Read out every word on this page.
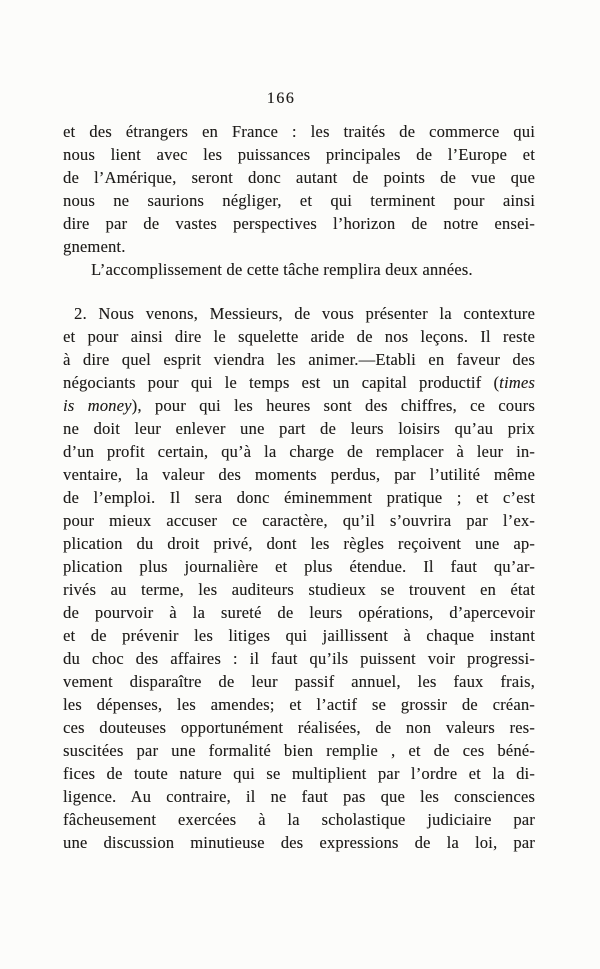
166
et des étrangers en France : les traités de commerce qui
nous lient avec les puissances principales de l’Europe et
de l’Amérique, seront donc autant de points de vue que
nous ne saurions négliger, et qui terminent pour ainsi
dire par de vastes perspectives l’horizon de notre ensei-
gnement.
L’accomplissement de cette tâche remplira deux années.
2. Nous venons, Messieurs, de vous présenter la contexture
et pour ainsi dire le squelette aride de nos leçons. Il reste
à dire quel esprit viendra les animer.—Etabli en faveur des
négociants pour qui le temps est un capital productif (times
is money), pour qui les heures sont des chiffres, ce cours
ne doit leur enlever une part de leurs loisirs qu’au prix
d’un profit certain, qu’à la charge de remplacer à leur in-
ventaire, la valeur des moments perdus, par l’utilité même
de l’emploi. Il sera donc éminemment pratique ; et c’est
pour mieux accuser ce caractère, qu’il s’ouvrira par l’ex-
plication du droit privé, dont les règles reçoivent une ap-
plication plus journalière et plus étendue. Il faut qu’ar-
rivés au terme, les auditeurs studieux se trouvent en état
de pourvoir à la sureté de leurs opérations, d’apercevoir
et de prévenir les litiges qui jaillissent à chaque instant
du choc des affaires : il faut qu’ils puissent voir progressi-
vement disparaître de leur passif annuel, les faux frais,
les dépenses, les amendes; et l’actif se grossir de créan-
ces douteuses opportunément réalisées, de non valeurs res-
suscitées par une formalité bien remplie , et de ces béné-
fices de toute nature qui se multiplient par l’ordre et la di-
ligence. Au contraire, il ne faut pas que les consciences
fâcheusement exercées à la scholastique judiciaire par
une discussion minutieuse des expressions de la loi, par
